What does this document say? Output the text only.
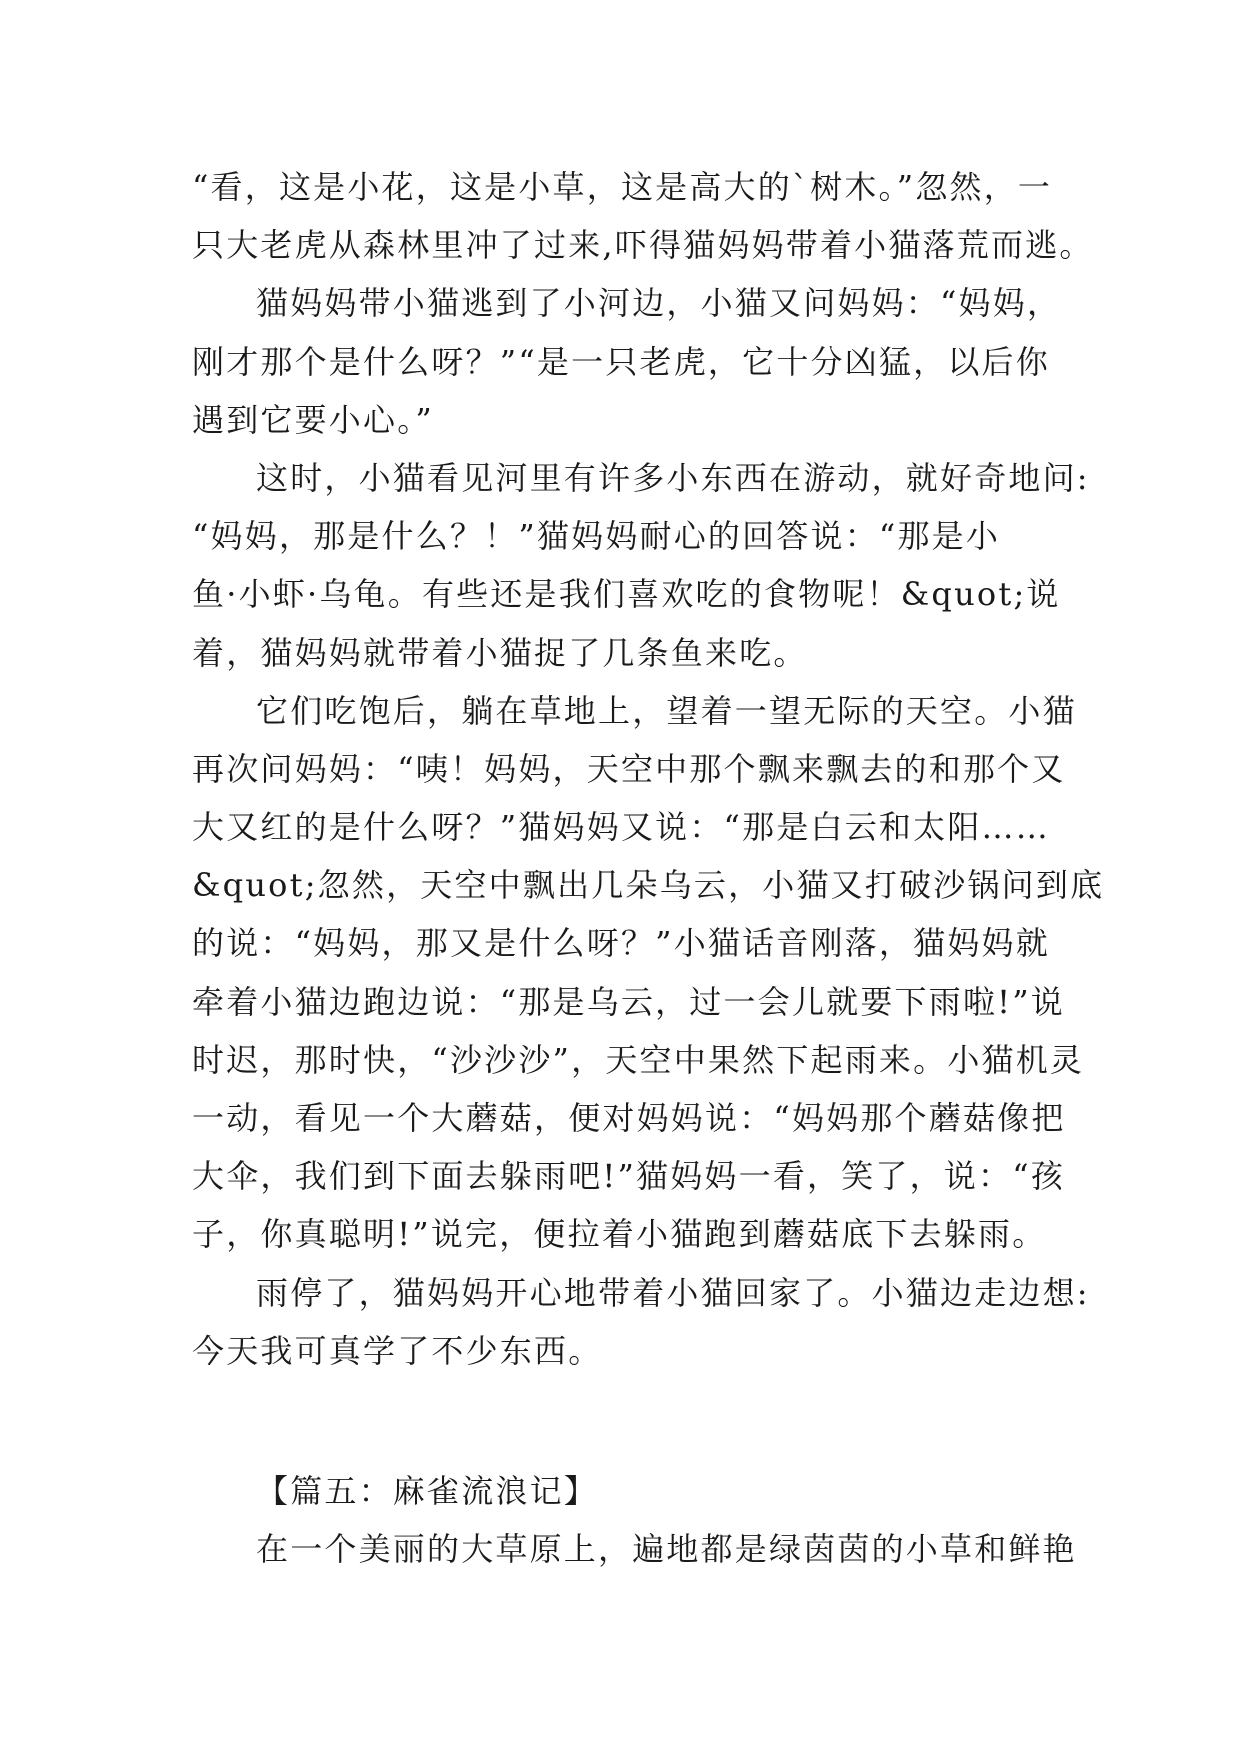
“看，这是小花，这是小草，这是高大的`树木。”忽然，一
只大老虎从森林里冲了过来,吓得猫妈妈带着小猫落荒而逃。
猫妈妈带小猫逃到了小河边，小猫又问妈妈：“妈妈，
刚才那个是什么呀？”“是一只老虎，它十分凶猛，以后你
遇到它要小心。”
这时，小猫看见河里有许多小东西在游动，就好奇地问:
“妈妈，那是什么？！”猫妈妈耐心的回答说：“那是小
鱼·小虾·乌龟。有些还是我们喜欢吃的食物呢！&quot;说
着，猫妈妈就带着小猫捉了几条鱼来吃。
它们吃饱后，躺在草地上，望着一望无际的天空。小猫
再次问妈妈：“咦！妈妈，天空中那个飘来飘去的和那个又
大又红的是什么呀？”猫妈妈又说：“那是白云和太阳……
&quot;忽然，天空中飘出几朵乌云，小猫又打破沙锅问到底
的说：“妈妈，那又是什么呀？”小猫话音刚落，猫妈妈就
牵着小猫边跑边说：“那是乌云，过一会儿就要下雨啦!”说
时迟，那时快，“沙沙沙”，天空中果然下起雨来。小猫机灵
一动，看见一个大蘑菇，便对妈妈说：“妈妈那个蘑菇像把
大伞，我们到下面去躲雨吧!”猫妈妈一看，笑了，说：“孩
子，你真聪明!”说完，便拉着小猫跑到蘑菇底下去躲雨。
雨停了，猫妈妈开心地带着小猫回家了。小猫边走边想:
今天我可真学了不少东西。
【篇五：麻雀流浪记】
在一个美丽的大草原上，遍地都是绿茵茵的小草和鲜艳
